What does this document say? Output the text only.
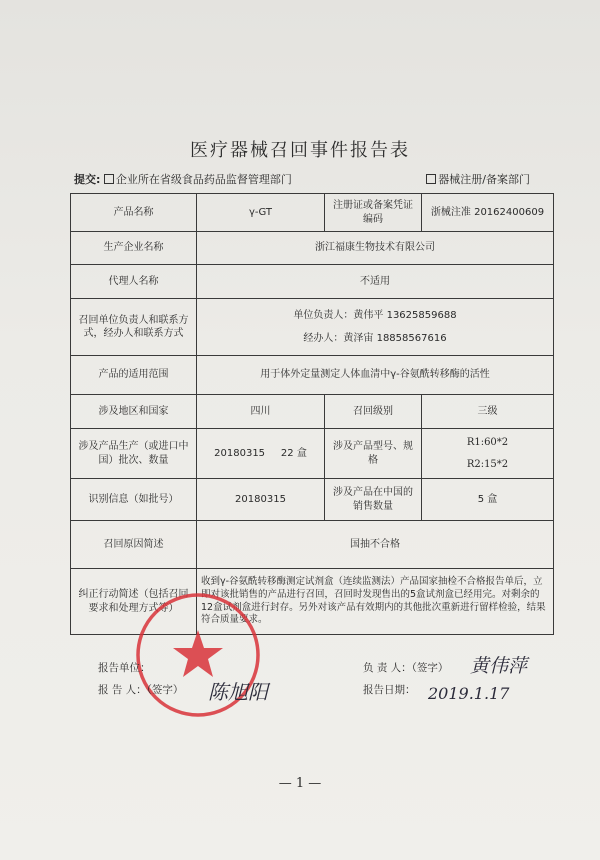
医疗器械召回事件报告表
提交: 企业所在省级食品药品监督管理部门	器械注册/备案部门
产品名称	γ-GT	注册证或备案凭证编码	浙械注准 20162400609
生产企业名称	浙江福康生物技术有限公司		
代理人名称	不适用		
召回单位负责人和联系方式，经办人和联系方式	单位负责人：黄伟平 13625859688
经办人：黄泽宙 18858567616		

产品的适用范围	用于体外定量测定人体血清中γ-谷氨酰转移酶的活性		
涉及地区和国家	四川	召回级别	三级
涉及产品生产（或进口中国）批次、数量	20180315     22 盒	涉及产品型号、规格	R1:60*2
R2:15*2

识别信息（如批号）	20180315	涉及产品在中国的销售数量	5 盒
召回原因简述	国抽不合格		
纠正行动简述（包括召回要求和处理方式等）	收到γ-谷氨酰转移酶测定试剂盒（连续监测法）产品国家抽检不合格报告单后，立即对该批销售的产品进行召回，召回时发现售出的5盒试剂盒已经用完。对剩余的12盒试剂盒进行封存。另外对该产品有效期内的其他批次重新进行留样检验，结果符合质量要求。		
报告单位：
报 告 人：（签字） 陈旭阳
负 责 人：（签字） 黄伟萍
报告日期： 2019.1.17
— 1 —
